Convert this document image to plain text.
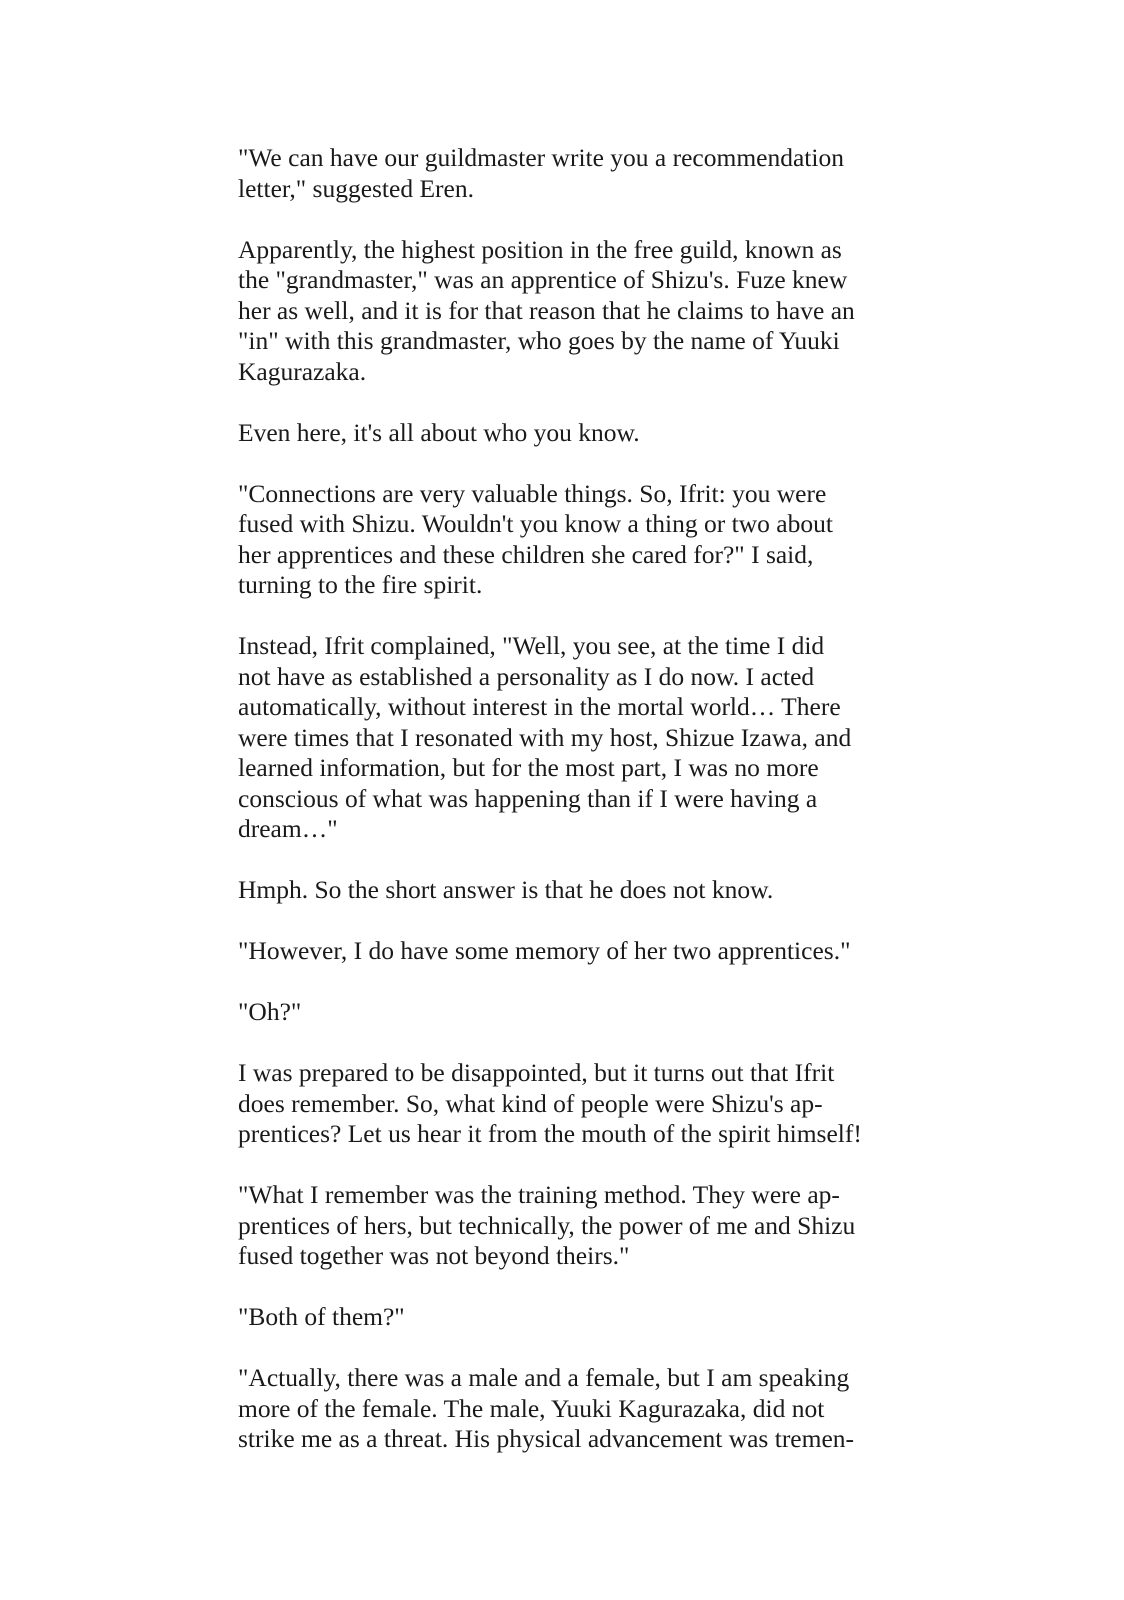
"We can have our guildmaster write you a recommendation
letter," suggested Eren.

Apparently, the highest position in the free guild, known as
the "grandmaster," was an apprentice of Shizu's. Fuze knew
her as well, and it is for that reason that he claims to have an
"in" with this grandmaster, who goes by the name of Yuuki
Kagurazaka.

Even here, it's all about who you know.

"Connections are very valuable things. So, Ifrit: you were
fused with Shizu. Wouldn't you know a thing or two about
her apprentices and these children she cared for?" I said,
turning to the fire spirit.

Instead, Ifrit complained, "Well, you see, at the time I did
not have as established a personality as I do now. I acted
automatically, without interest in the mortal world… There
were times that I resonated with my host, Shizue Izawa, and
learned information, but for the most part, I was no more
conscious of what was happening than if I were having a
dream…"

Hmph. So the short answer is that he does not know.

"However, I do have some memory of her two apprentices."

"Oh?"

I was prepared to be disappointed, but it turns out that Ifrit
does remember. So, what kind of people were Shizu's ap-
prentices? Let us hear it from the mouth of the spirit himself!

"What I remember was the training method. They were ap-
prentices of hers, but technically, the power of me and Shizu
fused together was not beyond theirs."

"Both of them?"

"Actually, there was a male and a female, but I am speaking
more of the female. The male, Yuuki Kagurazaka, did not
strike me as a threat. His physical advancement was tremen-
